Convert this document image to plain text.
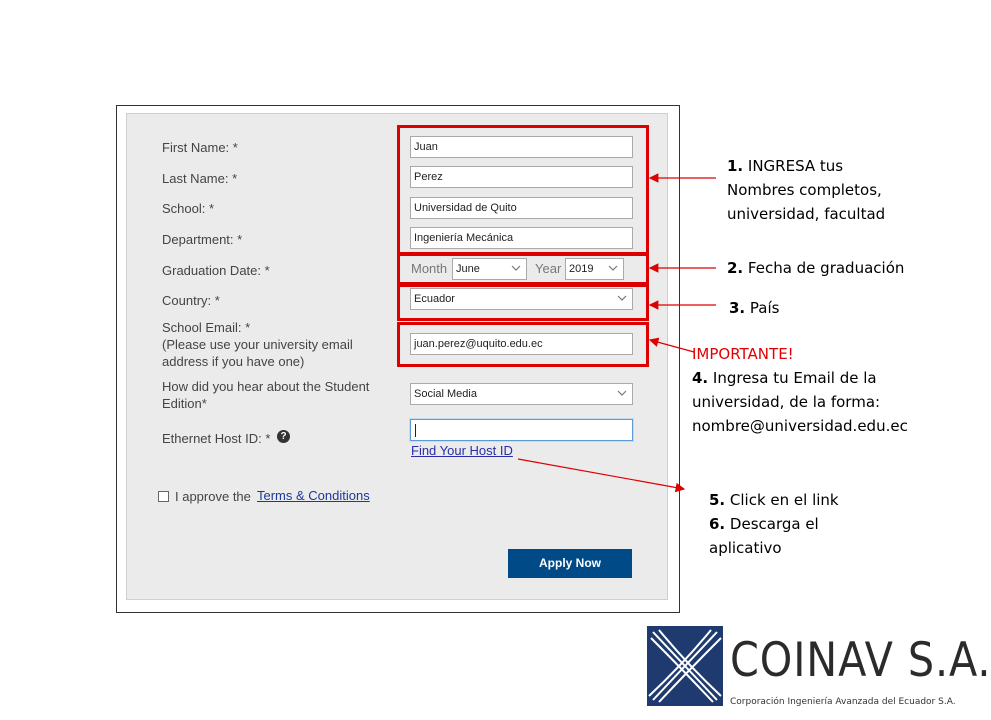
First Name: *
Last Name: *
School: *
Department: *
Graduation Date: *
Country: *
School Email: *
(Please use your university email
address if you have one)
How did you hear about the Student
Edition*
Ethernet Host ID: *	?
Juan
Perez
Universidad de Quito
Ingeniería Mecánica
Month June	Year 2019
Ecuador
juan.perez@uquito.edu.ec
Social Media
Find Your Host ID
I approve the Terms & Conditions
Apply Now
1. INGRESA tus
Nombres completos,
universidad, facultad
2. Fecha de graduación
3. País
IMPORTANTE!
4. Ingresa tu Email de la
universidad, de la forma:
nombre@universidad.edu.ec
5. Click en el link
6. Descarga el
aplicativo
COINAV S.A.
Corporación Ingeniería Avanzada del Ecuador S.A.
